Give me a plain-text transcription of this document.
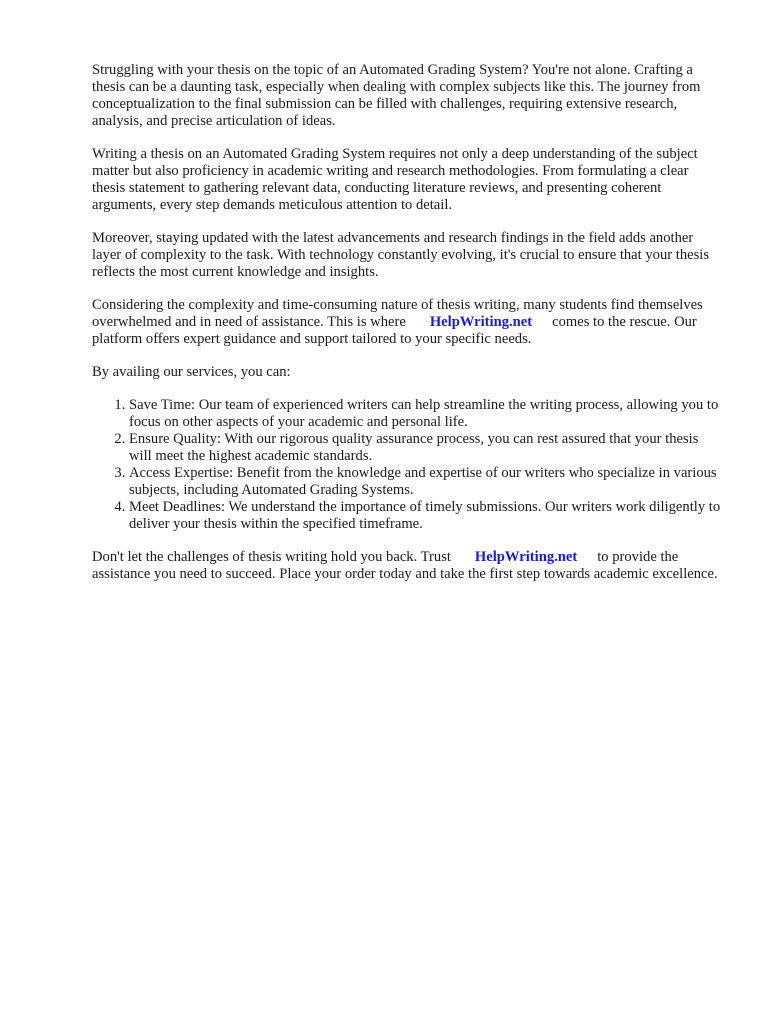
Struggling with your thesis on the topic of an Automated Grading System? You're not alone. Crafting a thesis can be a daunting task, especially when dealing with complex subjects like this. The journey from conceptualization to the final submission can be filled with challenges, requiring extensive research, analysis, and precise articulation of ideas.

Writing a thesis on an Automated Grading System requires not only a deep understanding of the subject matter but also proficiency in academic writing and research methodologies. From formulating a clear thesis statement to gathering relevant data, conducting literature reviews, and presenting coherent arguments, every step demands meticulous attention to detail.

Moreover, staying updated with the latest advancements and research findings in the field adds another layer of complexity to the task. With technology constantly evolving, it's crucial to ensure that your thesis reflects the most current knowledge and insights.

Considering the complexity and time-consuming nature of thesis writing, many students find themselves overwhelmed and in need of assistance. This is where HelpWriting.net comes to the rescue. Our platform offers expert guidance and support tailored to your specific needs.

By availing our services, you can:

1. Save Time: Our team of experienced writers can help streamline the writing process, allowing you to focus on other aspects of your academic and personal life.
2. Ensure Quality: With our rigorous quality assurance process, you can rest assured that your thesis will meet the highest academic standards.
3. Access Expertise: Benefit from the knowledge and expertise of our writers who specialize in various subjects, including Automated Grading Systems.
4. Meet Deadlines: We understand the importance of timely submissions. Our writers work diligently to deliver your thesis within the specified timeframe.

Don't let the challenges of thesis writing hold you back. Trust HelpWriting.net to provide the assistance you need to succeed. Place your order today and take the first step towards academic excellence.
